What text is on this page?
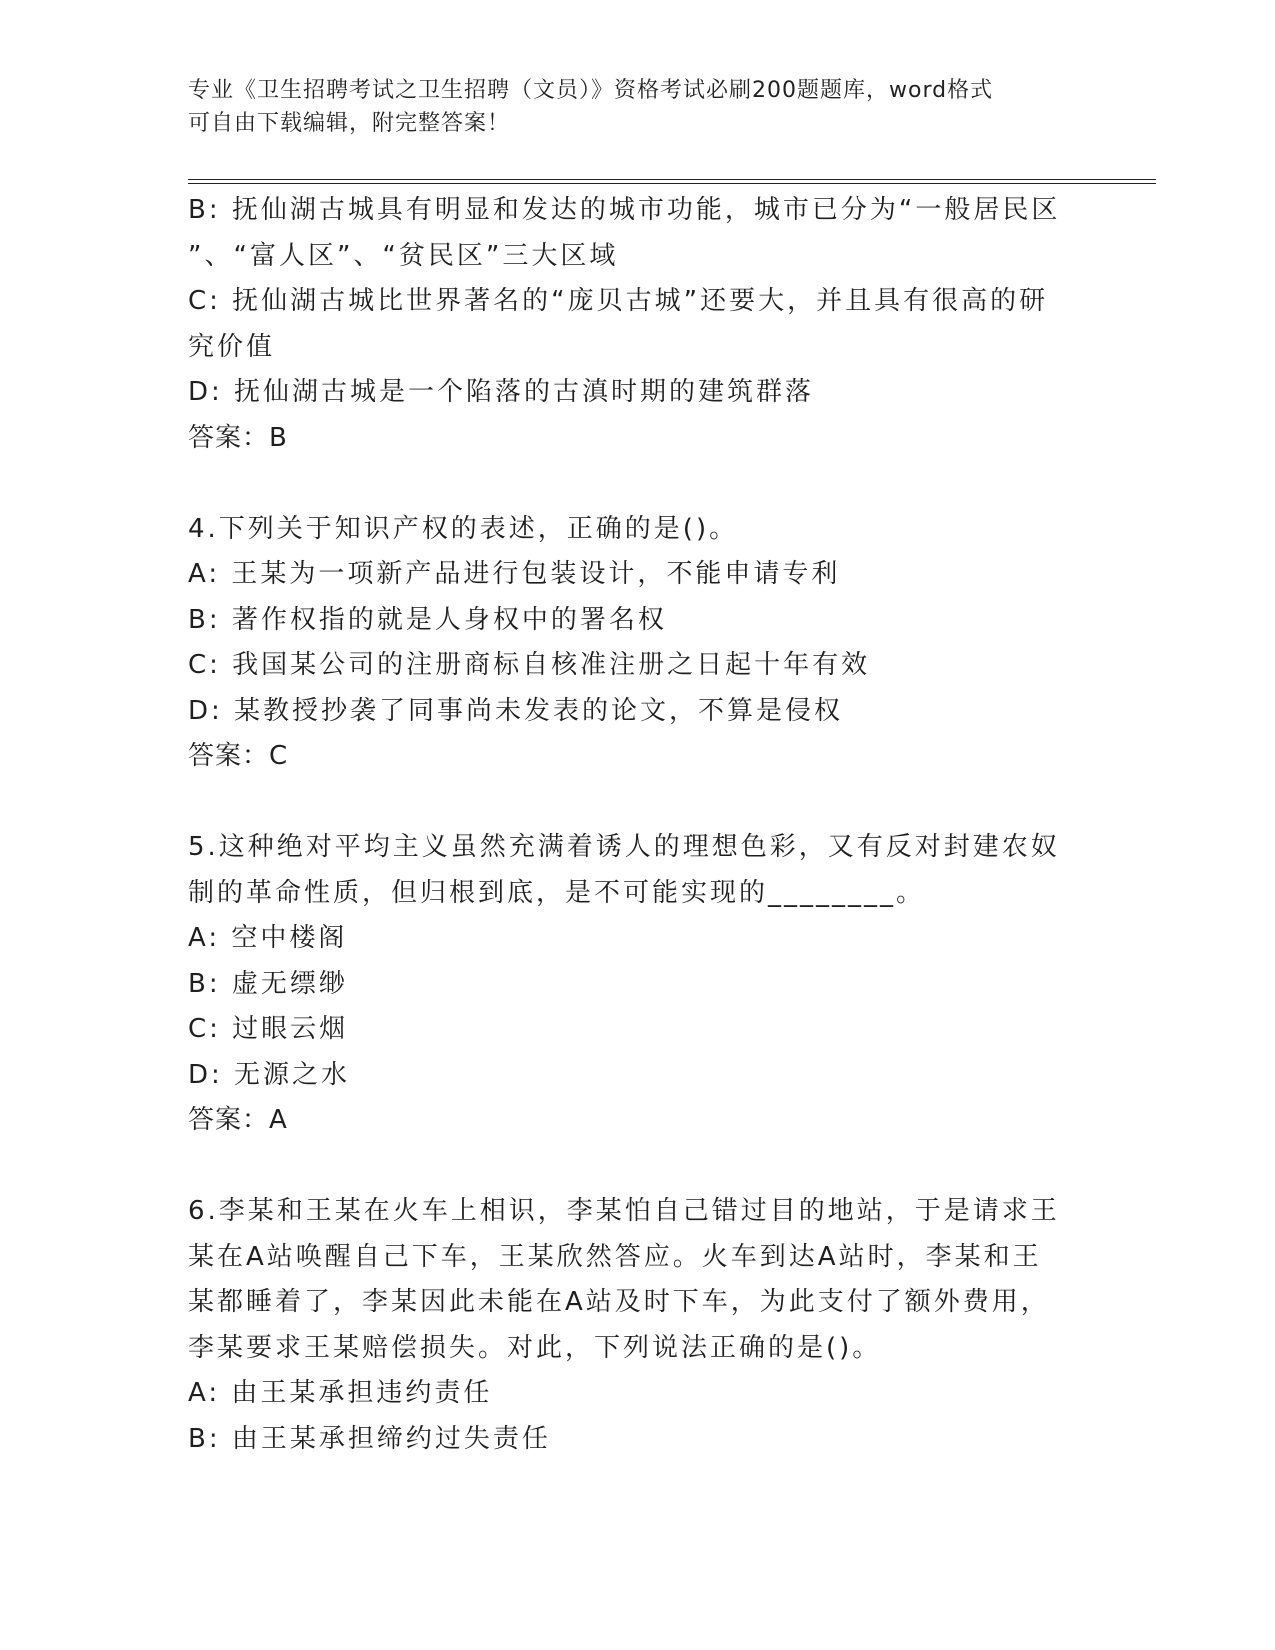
专业《卫生招聘考试之卫生招聘（文员）》资格考试必刷200题题库，word格式
可自由下载编辑，附完整答案！
B: 抚仙湖古城具有明显和发达的城市功能，城市已分为“一般居民区
”、“富人区”、“贫民区”三大区域
C: 抚仙湖古城比世界著名的“庞贝古城”还要大，并且具有很高的研
究价值
D: 抚仙湖古城是一个陷落的古滇时期的建筑群落
答案：B
4.下列关于知识产权的表述，正确的是()。
A: 王某为一项新产品进行包装设计，不能申请专利
B: 著作权指的就是人身权中的署名权
C: 我国某公司的注册商标自核准注册之日起十年有效
D: 某教授抄袭了同事尚未发表的论文，不算是侵权
答案：C
5.这种绝对平均主义虽然充满着诱人的理想色彩，又有反对封建农奴
制的革命性质，但归根到底，是不可能实现的________。
A: 空中楼阁
B: 虚无缥缈
C: 过眼云烟
D: 无源之水
答案：A
6.李某和王某在火车上相识，李某怕自己错过目的地站，于是请求王
某在A站唤醒自己下车，王某欣然答应。火车到达A站时，李某和王
某都睡着了，李某因此未能在A站及时下车，为此支付了额外费用，
李某要求王某赔偿损失。对此，下列说法正确的是()。
A: 由王某承担违约责任
B: 由王某承担缔约过失责任
